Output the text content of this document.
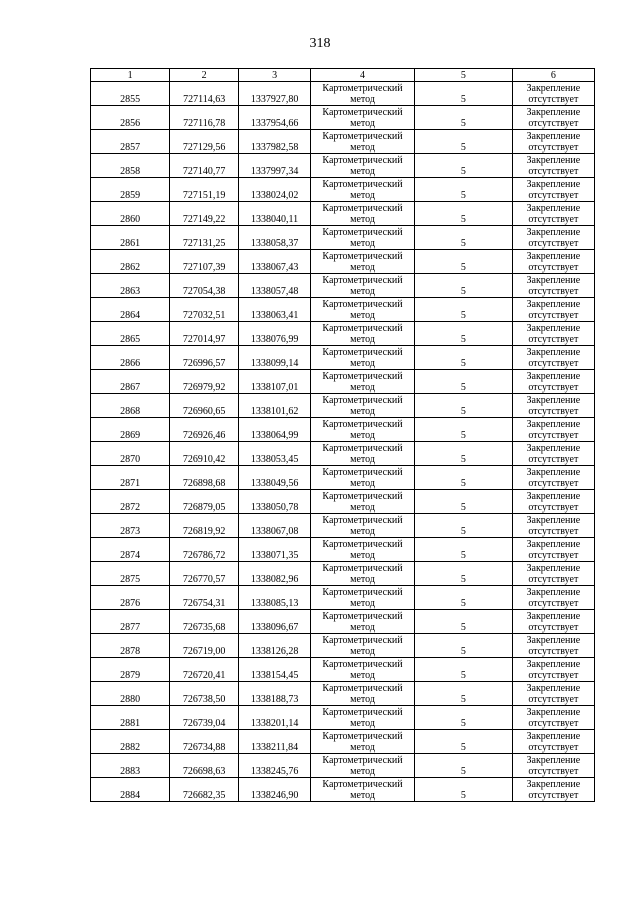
318
1	2	3	4	5	6
2855	727114,63	1337927,80	Картометрический
метод	5	Закрепление
отсутствует

2856	727116,78	1337954,66	Картометрический
метод	5	Закрепление
отсутствует

2857	727129,56	1337982,58	Картометрический
метод	5	Закрепление
отсутствует

2858	727140,77	1337997,34	Картометрический
метод	5	Закрепление
отсутствует

2859	727151,19	1338024,02	Картометрический
метод	5	Закрепление
отсутствует

2860	727149,22	1338040,11	Картометрический
метод	5	Закрепление
отсутствует

2861	727131,25	1338058,37	Картометрический
метод	5	Закрепление
отсутствует

2862	727107,39	1338067,43	Картометрический
метод	5	Закрепление
отсутствует

2863	727054,38	1338057,48	Картометрический
метод	5	Закрепление
отсутствует

2864	727032,51	1338063,41	Картометрический
метод	5	Закрепление
отсутствует

2865	727014,97	1338076,99	Картометрический
метод	5	Закрепление
отсутствует

2866	726996,57	1338099,14	Картометрический
метод	5	Закрепление
отсутствует

2867	726979,92	1338107,01	Картометрический
метод	5	Закрепление
отсутствует

2868	726960,65	1338101,62	Картометрический
метод	5	Закрепление
отсутствует

2869	726926,46	1338064,99	Картометрический
метод	5	Закрепление
отсутствует

2870	726910,42	1338053,45	Картометрический
метод	5	Закрепление
отсутствует

2871	726898,68	1338049,56	Картометрический
метод	5	Закрепление
отсутствует

2872	726879,05	1338050,78	Картометрический
метод	5	Закрепление
отсутствует

2873	726819,92	1338067,08	Картометрический
метод	5	Закрепление
отсутствует

2874	726786,72	1338071,35	Картометрический
метод	5	Закрепление
отсутствует

2875	726770,57	1338082,96	Картометрический
метод	5	Закрепление
отсутствует

2876	726754,31	1338085,13	Картометрический
метод	5	Закрепление
отсутствует

2877	726735,68	1338096,67	Картометрический
метод	5	Закрепление
отсутствует

2878	726719,00	1338126,28	Картометрический
метод	5	Закрепление
отсутствует

2879	726720,41	1338154,45	Картометрический
метод	5	Закрепление
отсутствует

2880	726738,50	1338188,73	Картометрический
метод	5	Закрепление
отсутствует

2881	726739,04	1338201,14	Картометрический
метод	5	Закрепление
отсутствует

2882	726734,88	1338211,84	Картометрический
метод	5	Закрепление
отсутствует

2883	726698,63	1338245,76	Картометрический
метод	5	Закрепление
отсутствует

2884	726682,35	1338246,90	Картометрический
метод	5	Закрепление
отсутствует
